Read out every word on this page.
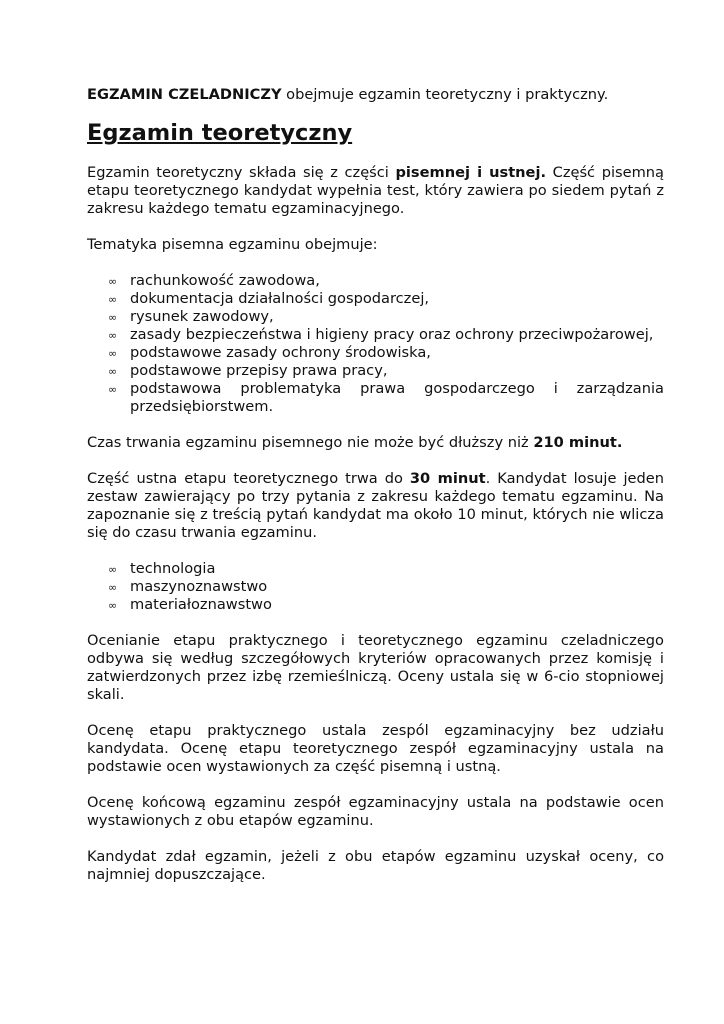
EGZAMIN CZELADNICZY obejmuje egzamin teoretyczny i praktyczny.

Egzamin teoretyczny

Egzamin teoretyczny składa się z części pisemnej i ustnej. Część pisemną etapu teoretycznego kandydat wypełnia test, który zawiera po siedem pytań z zakresu każdego tematu egzaminacyjnego.

Tematyka pisemna egzaminu obejmuje:

∞ rachunkowość zawodowa,
∞ dokumentacja działalności gospodarczej,
∞ rysunek zawodowy,
∞ zasady bezpieczeństwa i higieny pracy oraz ochrony przeciwpożarowej,
∞ podstawowe zasady ochrony środowiska,
∞ podstawowe przepisy prawa pracy,
∞ podstawowa problematyka prawa gospodarczego i zarządzania przedsiębiorstwem.

Czas trwania egzaminu pisemnego nie może być dłuższy niż 210 minut.

Część ustna etapu teoretycznego trwa do 30 minut. Kandydat losuje jeden zestaw zawierający po trzy pytania z zakresu każdego tematu egzaminu. Na zapoznanie się z treścią pytań kandydat ma około 10 minut, których nie wlicza się do czasu trwania egzaminu.

∞ technologia
∞ maszynoznawstwo
∞ materiałoznawstwo

Ocenianie etapu praktycznego i teoretycznego egzaminu czeladniczego odbywa się według szczegółowych kryteriów opracowanych przez komisję i zatwierdzonych przez izbę rzemieślniczą. Oceny ustala się w 6-cio stopniowej skali.

Ocenę etapu praktycznego ustala zespól egzaminacyjny bez udziału kandydata. Ocenę etapu teoretycznego zespół egzaminacyjny ustala na podstawie ocen wystawionych za część pisemną i ustną.

Ocenę końcową egzaminu zespół egzaminacyjny ustala na podstawie ocen wystawionych z obu etapów egzaminu.

Kandydat zdał egzamin, jeżeli z obu etapów egzaminu uzyskał oceny, co najmniej dopuszczające.
